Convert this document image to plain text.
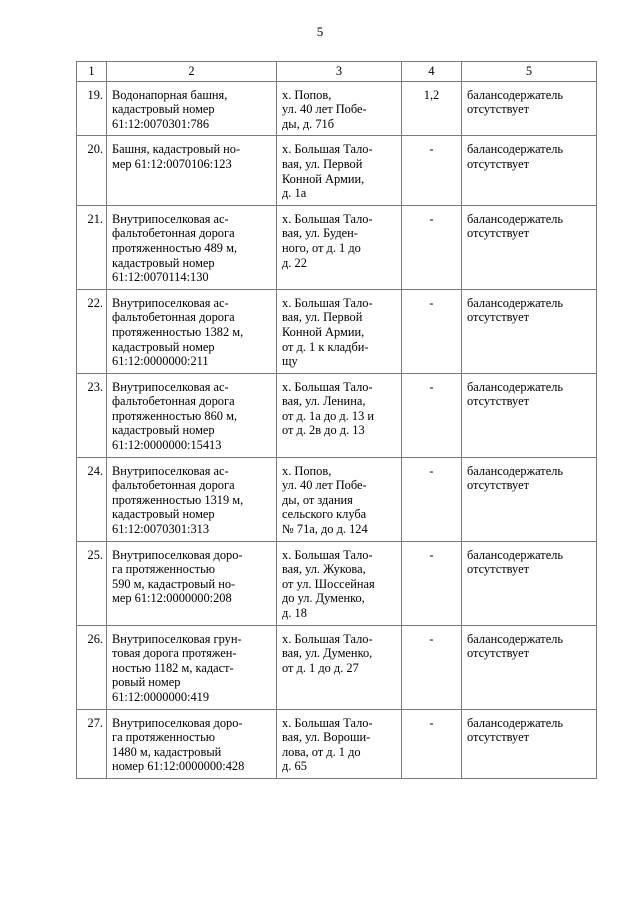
5
1	2	3	4	5
19.	Водонапорная башня,
кадастровый номер
61:12:0070301:786	х. Попов,
ул. 40 лет Побе-
ды, д. 71б	1,2	балансодержатель
отсутствует
20.	Башня, кадастровый но-
мер 61:12:0070106:123	х. Большая Тало-
вая, ул. Первой
Конной Армии,
д. 1а	-	балансодержатель
отсутствует
21.	Внутрипоселковая ас-
фальтобетонная дорога
протяженностью 489 м,
кадастровый номер
61:12:0070114:130	х. Большая Тало-
вая, ул. Буден-
ного, от д. 1 до
д. 22	-	балансодержатель
отсутствует
22.	Внутрипоселковая ас-
фальтобетонная дорога
протяженностью 1382 м,
кадастровый номер
61:12:0000000:211	х. Большая Тало-
вая, ул. Первой
Конной Армии,
от д. 1 к кладби-
щу	-	балансодержатель
отсутствует
23.	Внутрипоселковая ас-
фальтобетонная дорога
протяженностью 860 м,
кадастровый номер
61:12:0000000:15413	х. Большая Тало-
вая, ул. Ленина,
от д. 1а до д. 13 и
от д. 2в до д. 13	-	балансодержатель
отсутствует
24.	Внутрипоселковая ас-
фальтобетонная дорога
протяженностью 1319 м,
кадастровый номер
61:12:0070301:313	х. Попов,
ул. 40 лет Побе-
ды, от здания
сельского клуба
№ 71а, до д. 124	-	балансодержатель
отсутствует
25.	Внутрипоселковая доро-
га протяженностью
590 м, кадастровый но-
мер 61:12:0000000:208	х. Большая Тало-
вая, ул. Жукова,
от ул. Шоссейная
до ул. Думенко,
д. 18	-	балансодержатель
отсутствует
26.	Внутрипоселковая грун-
товая дорога протяжен-
ностью 1182 м, кадаст-
ровый номер
61:12:0000000:419	х. Большая Тало-
вая, ул. Думенко,
от д. 1 до д. 27	-	балансодержатель
отсутствует
27.	Внутрипоселковая доро-
га протяженностью
1480 м, кадастровый
номер 61:12:0000000:428	х. Большая Тало-
вая, ул. Вороши-
лова, от д. 1 до
д. 65	-	балансодержатель
отсутствует
